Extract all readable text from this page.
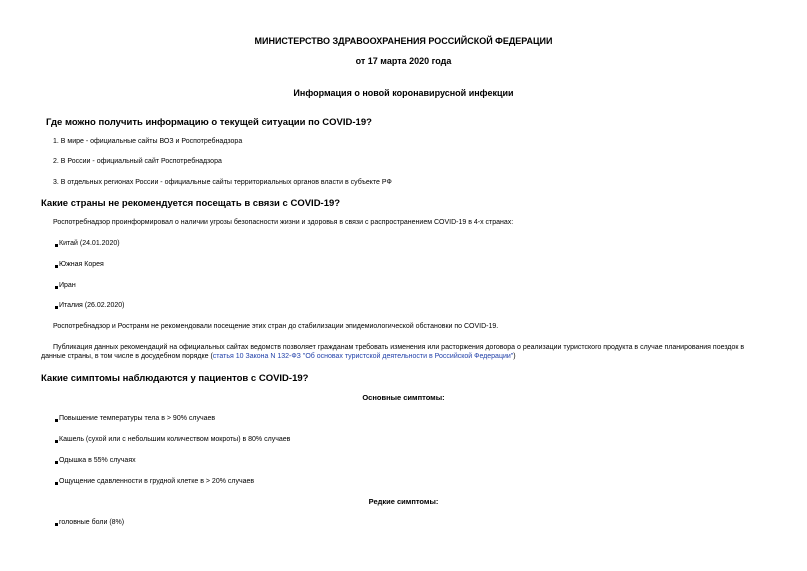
МИНИСТЕРСТВО ЗДРАВООХРАНЕНИЯ РОССИЙСКОЙ ФЕДЕРАЦИИ
от 17 марта 2020 года
Информация о новой коронавирусной инфекции
Где можно получить информацию о текущей ситуации по COVID-19?
1. В мире - официальные сайты ВОЗ и Роспотребнадзора
2. В России - официальный сайт Роспотребнадзора
3. В отдельных регионах России - официальные сайты территориальных органов власти в субъекте РФ
Какие страны не рекомендуется посещать в связи с COVID-19?
Роспотребнадзор проинформировал о наличии угрозы безопасности жизни и здоровья в связи с распространением COVID-19 в 4-х странах:
Китай (24.01.2020)
Южная Корея
Иран
Италия (26.02.2020)
Роспотребнадзор и Ространм не рекомендовали посещение этих стран до стабилизации эпидемиологической обстановки по COVID-19.
Публикация данных рекомендаций на официальных сайтах ведомств позволяет гражданам требовать изменения или расторжения договора о реализации туристского продукта в случае планирования поездок в
данные страны, в том числе в досудебном порядке (статья 10 Закона N 132-ФЗ "Об основах туристской деятельности в Российской Федерации")
Какие симптомы наблюдаются у пациентов с COVID-19?
Основные симптомы:
Повышение температуры тела в > 90% случаев
Кашель (сухой или с небольшим количеством мокроты) в 80% случаев
Одышка в 55% случаях
Ощущение сдавленности в грудной клетке в > 20% случаев
Редкие симптомы:
головные боли (8%)
